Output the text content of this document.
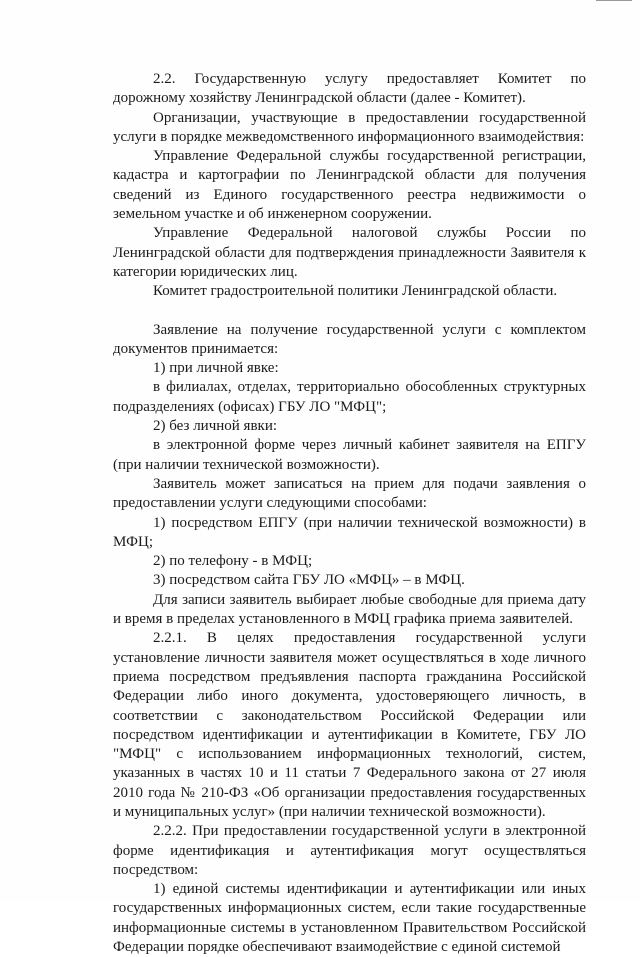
2.2. Государственную услугу предоставляет Комитет по дорожному хозяйству Ленинградской области (далее - Комитет).

Организации, участвующие в предоставлении государственной услуги в порядке межведомственного информационного взаимодействия:

Управление Федеральной службы государственной регистрации, кадастра и картографии по Ленинградской области для получения сведений из Единого государственного реестра недвижимости о земельном участке и об инженерном сооружении.

Управление Федеральной налоговой службы России по Ленинградской области для подтверждения принадлежности Заявителя к категории юридических лиц.

Комитет градостроительной политики Ленинградской области.

Заявление на получение государственной услуги с комплектом документов принимается:

1) при личной явке:

в филиалах, отделах, территориально обособленных структурных подразделениях (офисах) ГБУ ЛО "МФЦ";

2) без личной явки:

в электронной форме через личный кабинет заявителя на ЕПГУ (при наличии технической возможности).

Заявитель может записаться на прием для подачи заявления о предоставлении услуги следующими способами:

1) посредством ЕПГУ (при наличии технической возможности) в МФЦ;

2) по телефону - в МФЦ;

3) посредством сайта ГБУ ЛО «МФЦ» – в МФЦ.

Для записи заявитель выбирает любые свободные для приема дату и время в пределах установленного в МФЦ графика приема заявителей.

2.2.1. В целях предоставления государственной услуги установление личности заявителя может осуществляться в ходе личного приема посредством предъявления паспорта гражданина Российской Федерации либо иного документа, удостоверяющего личность, в соответствии с законодательством Российской Федерации или посредством идентификации и аутентификации в Комитете, ГБУ ЛО "МФЦ" с использованием информационных технологий, систем, указанных в частях 10 и 11 статьи 7 Федерального закона от 27 июля 2010 года № 210-ФЗ «Об организации предоставления государственных и муниципальных услуг» (при наличии технической возможности).

2.2.2. При предоставлении государственной услуги в электронной форме идентификация и аутентификация могут осуществляться посредством:

1) единой системы идентификации и аутентификации или иных государственных информационных систем, если такие государственные информационные системы в установленном Правительством Российской Федерации порядке обеспечивают взаимодействие с единой системой
